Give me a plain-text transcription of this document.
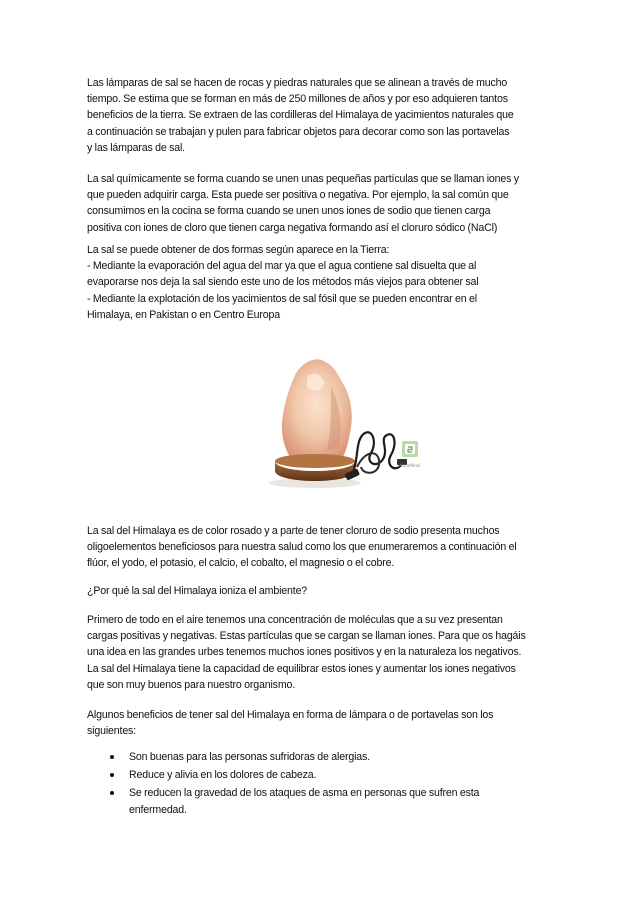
Las lámparas de sal se hacen de rocas y piedras naturales que se alinean a través de mucho
tiempo. Se estima que se forman en más de 250 millones de años y por eso adquieren tantos
beneficios de la tierra. Se extraen de las cordilleras del Himalaya de yacimientos naturales que
a continuación se trabajan y pulen para fabricar objetos para decorar como son las portavelas
y las lámparas de sal.

La sal químicamente se forma cuando se unen unas pequeñas partículas que se llaman iones y
que pueden adquirir carga. Esta puede ser positiva o negativa. Por ejemplo, la sal común que
consumimos en la cocina se forma cuando se unen unos iones de sodio que tienen carga
positiva con iones de cloro que tienen carga negativa formando así el cloruro sódico (NaCl)

La sal se puede obtener de dos formas según aparece en la Tierra:
- Mediante la evaporación del agua del mar ya que el agua contiene sal disuelta que al
evaporarse nos deja la sal siendo este uno de los métodos más viejos para obtener sal
- Mediante la explotación de los yacimientos de sal fósil que se pueden encontrar en el
Himalaya, en Pakistan o en Centro Europa

AlcoMinsi

La sal del Himalaya es de color rosado y a parte de tener cloruro de sodio presenta muchos
oligoelementos beneficiosos para nuestra salud como los que enumeraremos a continuación el
flúor, el yodo, el potasio, el calcio, el cobalto, el magnesio o el cobre.

¿Por qué la sal del Himalaya ioniza el ambiente?

Primero de todo en el aire tenemos una concentración de moléculas que a su vez presentan
cargas positivas y negativas. Estas partículas que se cargan se llaman iones. Para que os hagáis
una idea en las grandes urbes tenemos muchos iones positivos y en la naturaleza los negativos.
La sal del Himalaya tiene la capacidad de equilibrar estos iones y aumentar los iones negativos
que son muy buenos para nuestro organismo.

Algunos beneficios de tener sal del Himalaya en forma de lámpara o de portavelas son los
siguientes:

Son buenas para las personas sufridoras de alergias.
Reduce y alivia en los dolores de cabeza.
Se reducen la gravedad de los ataques de asma en personas que sufren esta
enfermedad.
